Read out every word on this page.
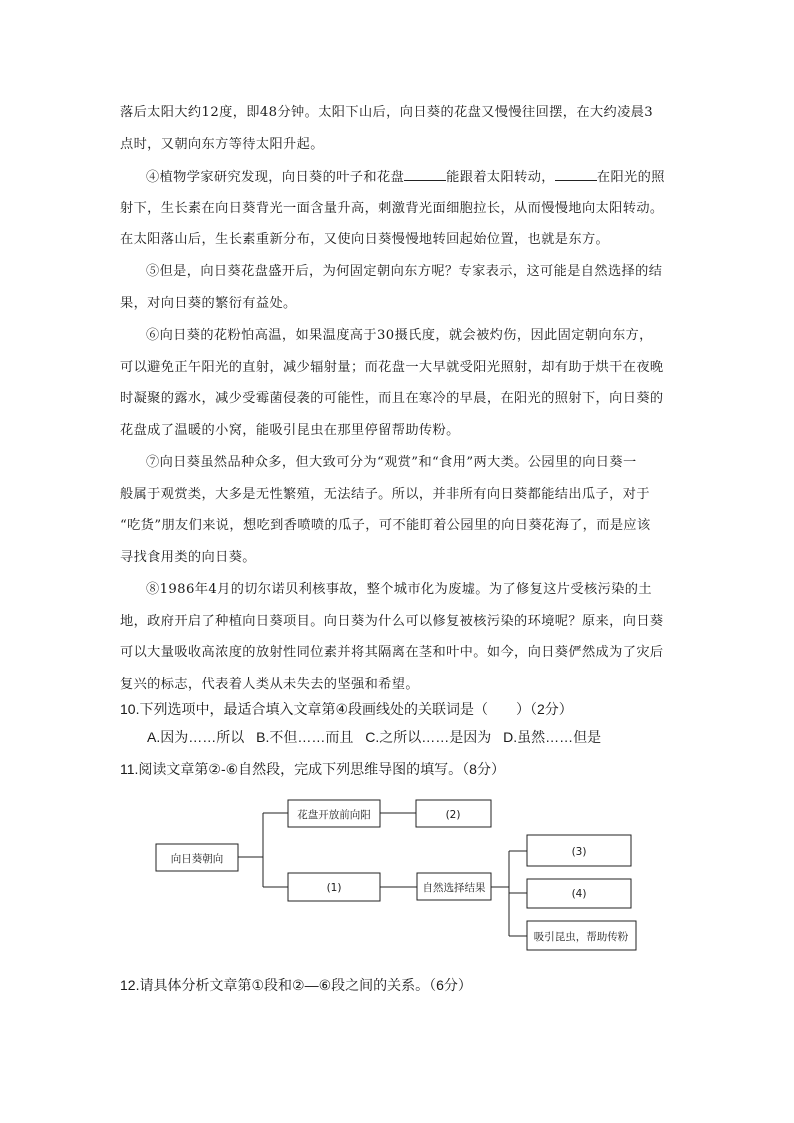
落后太阳大约12度，即48分钟。太阳下山后，向日葵的花盘又慢慢往回摆，在大约凌晨3
点时，又朝向东方等待太阳升起。
④植物学家研究发现，向日葵的叶子和花盘	能跟着太阳转动，	在阳光的照
射下，生长素在向日葵背光一面含量升高，刺激背光面细胞拉长，从而慢慢地向太阳转动。
在太阳落山后，生长素重新分布，又使向日葵慢慢地转回起始位置，也就是东方。
⑤但是，向日葵花盘盛开后，为何固定朝向东方呢？专家表示，这可能是自然选择的结
果，对向日葵的繁衍有益处。
⑥向日葵的花粉怕高温，如果温度高于30摄氏度，就会被灼伤，因此固定朝向东方，
可以避免正午阳光的直射，减少辐射量；而花盘一大早就受阳光照射，却有助于烘干在夜晚
时凝聚的露水，减少受霉菌侵袭的可能性，而且在寒冷的早晨，在阳光的照射下，向日葵的
花盘成了温暖的小窝，能吸引昆虫在那里停留帮助传粉。
⑦向日葵虽然品种众多，但大致可分为“观赏”和“食用”两大类。公园里的向日葵一
般属于观赏类，大多是无性繁殖，无法结子。所以，并非所有向日葵都能结出瓜子，对于
“吃货”朋友们来说，想吃到香喷喷的瓜子，可不能盯着公园里的向日葵花海了，而是应该
寻找食用类的向日葵。
⑧1986年4月的切尔诺贝利核事故，整个城市化为废墟。为了修复这片受核污染的土
地，政府开启了种植向日葵项目。向日葵为什么可以修复被核污染的环境呢？原来，向日葵
可以大量吸收高浓度的放射性同位素并将其隔离在茎和叶中。如今，向日葵俨然成为了灾后
复兴的标志，代表着人类从未失去的坚强和希望。
10.下列选项中，最适合填入文章第④段画线处的关联词是（　　）（2分）
A.因为……所以 B.不但……而且 C.之所以……是因为 D.虽然……但是
11.阅读文章第②-⑥自然段，完成下列思维导图的填写。（8分）
向日葵朝向
花盘开放前向阳	(2)
(1)	自然选择结果
(3)
(4)
吸引昆虫，帮助传粉
12.请具体分析文章第①段和②—⑥段之间的关系。（6分）
